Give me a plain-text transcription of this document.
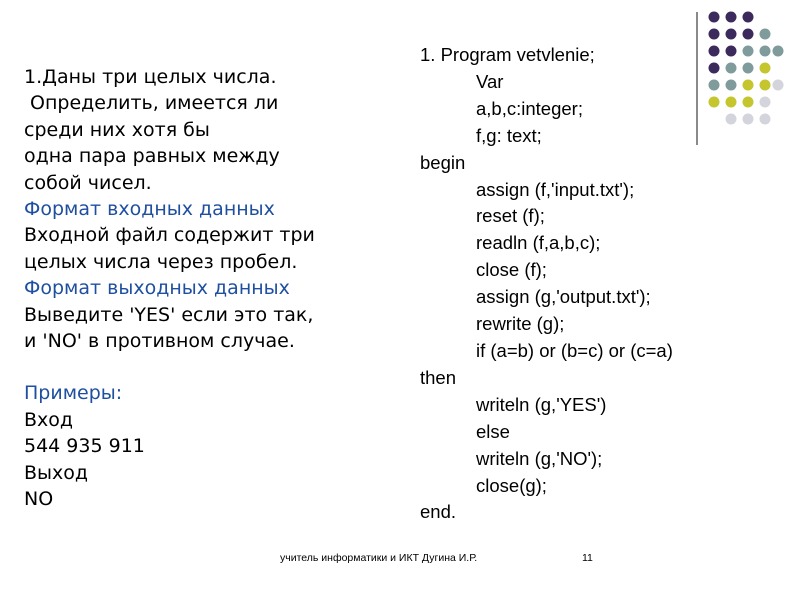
1.Даны три целых числа.
Определить, имеется ли
среди них хотя бы
одна пара равных между
собой чисел.
Формат входных данных
Входной файл содержит три
целых числа через пробел.
Формат выходных данных
Выведите 'YES' если это так,
и 'NO' в противном случае.
Примеры:
Вход
544 935 911
Выход
NO
1. Program vetvlenie;
Var
a,b,c:integer;
f,g: text;
begin
assign (f,'input.txt');
reset (f);
readln (f,a,b,c);
close (f);
assign (g,'output.txt');
rewrite (g);
if (a=b) or (b=c) or (c=a)
then
writeln (g,'YES')
else
writeln (g,'NO');
close(g);
end.
учитель информатики и ИКТ Дугина И.Р.	11
